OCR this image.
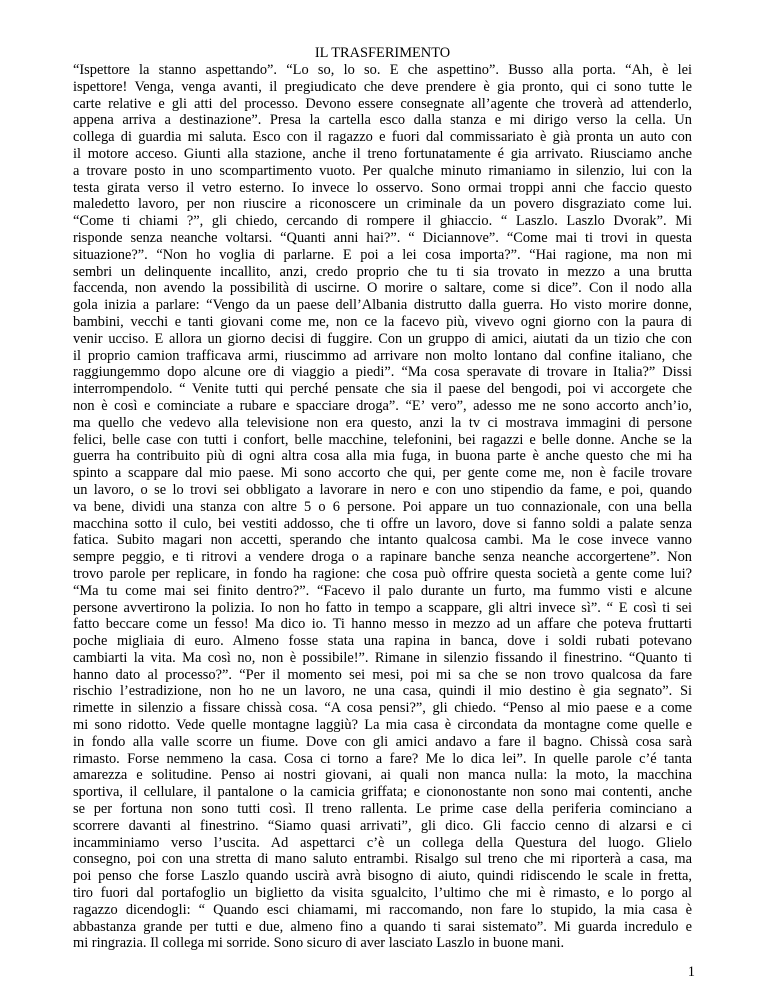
IL TRASFERIMENTO
“Ispettore la stanno aspettando”. “Lo so, lo so. E che aspettino”. Busso alla porta. “Ah, è lei
ispettore! Venga, venga avanti, il pregiudicato che deve prendere è gia pronto, qui ci sono tutte le
carte relative e gli atti del processo. Devono essere consegnate all’agente che troverà ad attenderlo,
appena arriva a destinazione”. Presa la cartella esco dalla stanza e mi dirigo verso la cella. Un
collega di guardia mi saluta. Esco con il ragazzo e fuori dal commissariato è già pronta un auto con
il motore acceso. Giunti alla stazione, anche il treno fortunatamente é gia arrivato. Riusciamo anche
a trovare posto in uno scompartimento vuoto. Per qualche minuto rimaniamo in silenzio, lui con la
testa girata verso il vetro esterno. Io invece lo osservo. Sono ormai troppi anni che faccio questo
maledetto lavoro, per non riuscire a riconoscere un criminale da un povero disgraziato come lui.
“Come ti chiami ?”, gli chiedo, cercando di rompere il ghiaccio. “ Laszlo. Laszlo Dvorak”. Mi
risponde senza neanche voltarsi. “Quanti anni hai?”. “ Diciannove”. “Come mai ti trovi in questa
situazione?”. “Non ho voglia di parlarne. E poi a lei cosa importa?”. “Hai ragione, ma non mi
sembri un delinquente incallito, anzi, credo proprio che tu ti sia trovato in mezzo a una brutta
faccenda, non avendo la possibilità di uscirne. O morire o saltare, come si dice”. Con il nodo alla
gola inizia a parlare: “Vengo da un paese dell’Albania distrutto dalla guerra. Ho visto morire donne,
bambini, vecchi e tanti giovani come me, non ce la facevo più, vivevo ogni giorno con la paura di
venir ucciso. E allora un giorno decisi di fuggire. Con un gruppo di amici, aiutati da un tizio che con
il proprio camion trafficava armi, riuscimmo ad arrivare non molto lontano dal confine italiano, che
raggiungemmo dopo alcune ore di viaggio a piedi”. “Ma cosa speravate di trovare in Italia?” Dissi
interrompendolo. “ Venite tutti qui perché pensate che sia il paese del bengodi, poi vi accorgete che
non è così e cominciate a rubare e spacciare droga”. “E’ vero”, adesso me ne sono accorto anch’io,
ma quello che vedevo alla televisione non era questo, anzi la tv ci mostrava immagini di persone
felici, belle case con tutti i confort, belle macchine, telefonini, bei ragazzi e belle donne. Anche se la
guerra ha contribuito più di ogni altra cosa alla mia fuga, in buona parte è anche questo che mi ha
spinto a scappare dal mio paese. Mi sono accorto che qui, per gente come me, non è facile trovare
un lavoro, o se lo trovi sei obbligato a lavorare in nero e con uno stipendio da fame, e poi, quando
va bene, dividi una stanza con altre 5 o 6 persone. Poi appare un tuo connazionale, con una bella
macchina sotto il culo, bei vestiti addosso, che ti offre un lavoro, dove si fanno soldi a palate senza
fatica. Subito magari non accetti, sperando che intanto qualcosa cambi. Ma le cose invece vanno
sempre peggio, e ti ritrovi a vendere droga o a rapinare banche senza neanche accorgertene”. Non
trovo parole per replicare, in fondo ha ragione: che cosa può offrire questa società a gente come lui?
“Ma tu come mai sei finito dentro?”. “Facevo il palo durante un furto, ma fummo visti e alcune
persone avvertirono la polizia. Io non ho fatto in tempo a scappare, gli altri invece sì”. “ E così ti sei
fatto beccare come un fesso! Ma dico io. Ti hanno messo in mezzo ad un affare che poteva fruttarti
poche migliaia di euro. Almeno fosse stata una rapina in banca, dove i soldi rubati potevano
cambiarti la vita. Ma così no, non è possibile!”. Rimane in silenzio fissando il finestrino. “Quanto ti
hanno dato al processo?”. “Per il momento sei mesi, poi mi sa che se non trovo qualcosa da fare
rischio l’estradizione, non ho ne un lavoro, ne una casa, quindi il mio destino è gia segnato”. Si
rimette in silenzio a fissare chissà cosa. “A cosa pensi?”, gli chiedo. “Penso al mio paese e a come
mi sono ridotto. Vede quelle montagne laggiù? La mia casa è circondata da montagne come quelle e
in fondo alla valle scorre un fiume. Dove con gli amici andavo a fare il bagno. Chissà cosa sarà
rimasto. Forse nemmeno la casa. Cosa ci torno a fare? Me lo dica lei”. In quelle parole c’é tanta
amarezza e solitudine. Penso ai nostri giovani, ai quali non manca nulla: la moto, la macchina
sportiva, il cellulare, il pantalone o la camicia griffata; e ciononostante non sono mai contenti, anche
se per fortuna non sono tutti così. Il treno rallenta. Le prime case della periferia cominciano a
scorrere davanti al finestrino. “Siamo quasi arrivati”, gli dico. Gli faccio cenno di alzarsi e ci
incamminiamo verso l’uscita. Ad aspettarci c’è un collega della Questura del luogo. Glielo
consegno, poi con una stretta di mano saluto entrambi. Risalgo sul treno che mi riporterà a casa, ma
poi penso che forse Laszlo quando uscirà avrà bisogno di aiuto, quindi ridiscendo le scale in fretta,
tiro fuori dal portafoglio un biglietto da visita sgualcito, l’ultimo che mi è rimasto, e lo porgo al
ragazzo dicendogli: “ Quando esci chiamami, mi raccomando, non fare lo stupido, la mia casa è
abbastanza grande per tutti e due, almeno fino a quando ti sarai sistemato”. Mi guarda incredulo e
mi ringrazia. Il collega mi sorride. Sono sicuro di aver lasciato Laszlo in buone mani.
1
